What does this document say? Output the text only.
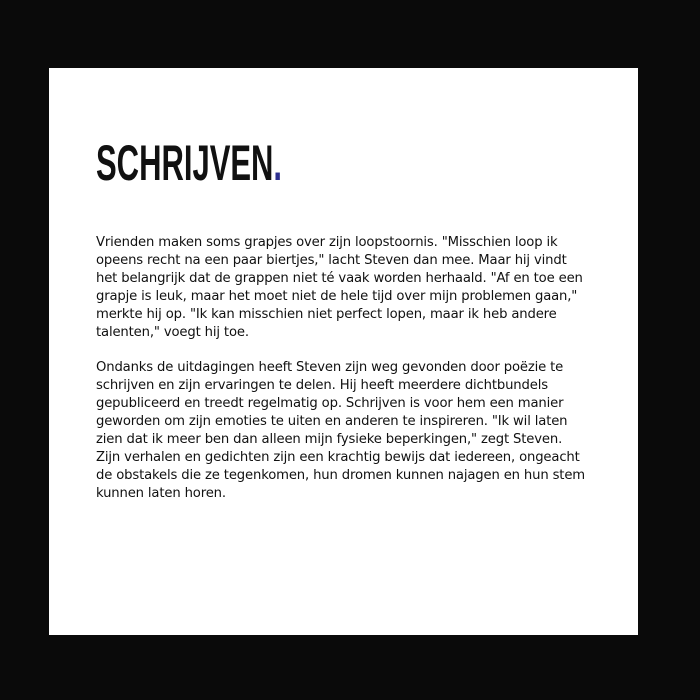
SCHRIJVEN.

Vrienden maken soms grapjes over zijn loopstoornis. "Misschien loop ik opeens recht na een paar biertjes," lacht Steven dan mee. Maar hij vindt het belangrijk dat de grappen niet té vaak worden herhaald. "Af en toe een grapje is leuk, maar het moet niet de hele tijd over mijn problemen gaan," merkte hij op. "Ik kan misschien niet perfect lopen, maar ik heb andere talenten," voegt hij toe.

Ondanks de uitdagingen heeft Steven zijn weg gevonden door poëzie te schrijven en zijn ervaringen te delen. Hij heeft meerdere dichtbundels gepubliceerd en treedt regelmatig op. Schrijven is voor hem een manier geworden om zijn emoties te uiten en anderen te inspireren. "Ik wil laten zien dat ik meer ben dan alleen mijn fysieke beperkingen," zegt Steven. Zijn verhalen en gedichten zijn een krachtig bewijs dat iedereen, ongeacht de obstakels die ze tegenkomen, hun dromen kunnen najagen en hun stem kunnen laten horen.
